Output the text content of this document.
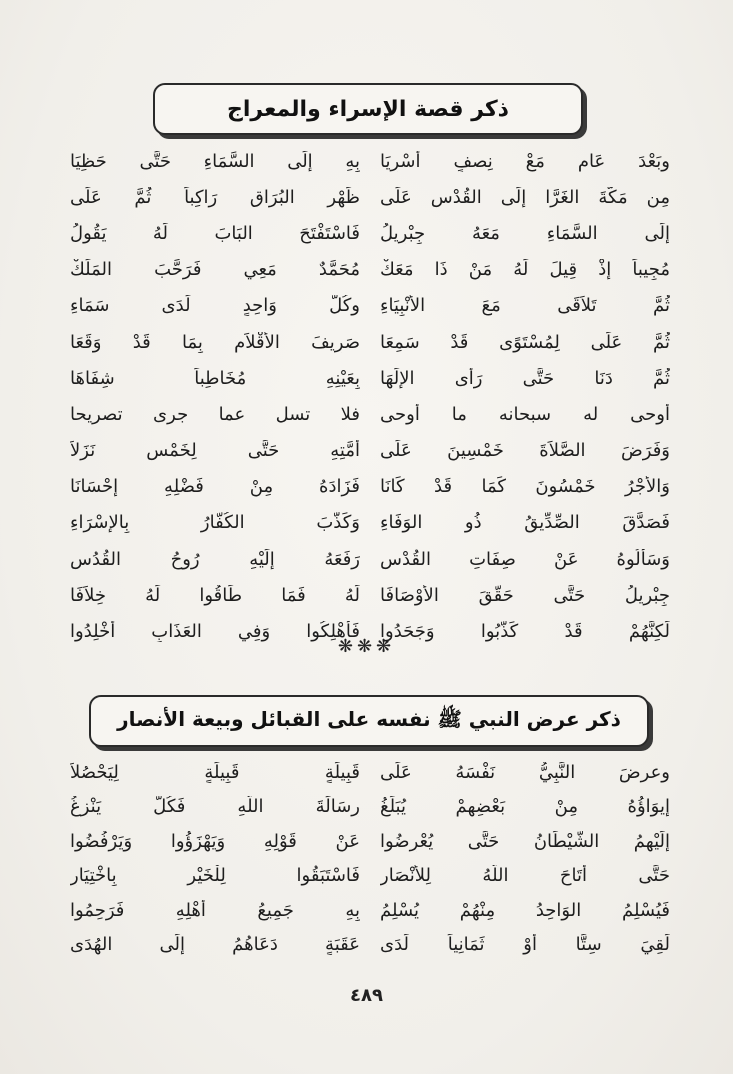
ذكر قصة الإسراء والمعراج
وبَعْدَ عَامٍ مَعْ نِصفٍ أُسْرِيَا
بِهِ إِلَى السَّمَاءِ حَتَّى حَظِيَا
مِن مَكَّةَ الغَرَّا إِلَى القُدْسِ عَلَى
ظَهْرِ البُرَاقِ رَاكِباً ثُمَّ عَلَى
إِلَى السَّمَاءِ مَعَهُ جِبْرِيلُ
فَاسْتَفْتَحَ البَابَ لَهُ يَقُولُ
مُجِيباً إِذْ قِيلَ لَهُ مَنْ ذَا مَعَكْ
مُحَمَّدٌ مَعِي فَرَحَّبَ المَلَكْ
ثُمَّ تَلاَقَى مَعَ الأَنْبِيَاءِ
وكُلُّ وَاحِدٍ لَدَى سَمَاءِ
ثُمَّ عَلَى لِمُسْتَوًى قَدْ سَمِعَا
صَرِيفَ الأَقْلاَمِ بِمَا قَدْ وَقَعَا
ثُمَّ دَنَا حَتَّى رَأَى الإِلَهَا
بِعَيْنِهِ مُخَاطِباً شِفَاهَا
أوحى له سبحانه ما أوحى
فلا تسل عما جرى تصريحا
وَفَرَضَ الصَّلاَةَ خَمْسِينَ عَلَى
أُمَّتِهِ حَتَّى لِخَمْسٍ نَزَلاَ
وَالأَجْرُ خَمْسُونَ كَمَا قَدْ كَانَا
فَزَادَهُ مِنْ فَضْلِهِ إِحْسَانَا
فَصَدَّقَ الصِّدِّيقُ ذُو الوَفَاءِ
وَكَذَّبَ الكُفَّارُ بِالإِسْرَاءِ
وَسَأَلُوهُ عَنْ صِفَاتِ القُدْسِ
رَفَعَهُ إِلَيْهِ رُوحُ القُدُسِ
جِبْرِيلُ حَتَّى حَقَّقَ الأَوْصَافَا
لَهُ فَمَا طَاقُوا لَهُ خِلاَفَا
لَكِنَّهُمْ قَدْ كَذَّبُوا وَجَحَدُوا
فَأُهْلِكُوا وَفِي العَذَابِ أُخْلِدُوا
❋❋❋
ذكر عرض النبي ﷺ نفسه على القبائل وبيعة الأنصار
وعرضَ النَّبِيُّ نَفْسَهُ عَلَى
قَبِيلَةٍ قَبِيلَةٍ لِيَحْصُلاَ
إِيوَاؤُهُ مِنْ بَعْضِهِمْ يُبَلِّغُ
رِسَالَةَ اللَّهِ فَكُلٌّ يَنْزِغُ
إِلَيْهِمُ الشَّيْطَانُ حَتَّى يُعْرِضُوا
عَنْ قَوْلِهِ وَيَهْزَؤُوا وَيَرْفُضُوا
حَتَّى أَتَاحَ اللَّهُ لِلأَنْصَارِ
فَاسْتَبَقُوا لِلْخَيْرِ بِاخْتِيَارِ
فَيُسْلِمُ الوَاحِدُ مِنْهُمْ يُسْلِمُ
بِهِ جَمِيعُ أَهْلِهِ فَرَحِمُوا
لَقِيَ سِتًّا أَوْ ثَمَانِياً لَدَى
عَقَبَةٍ دَعَاهُمُ إِلَى الهُدَى
٤٨٩
